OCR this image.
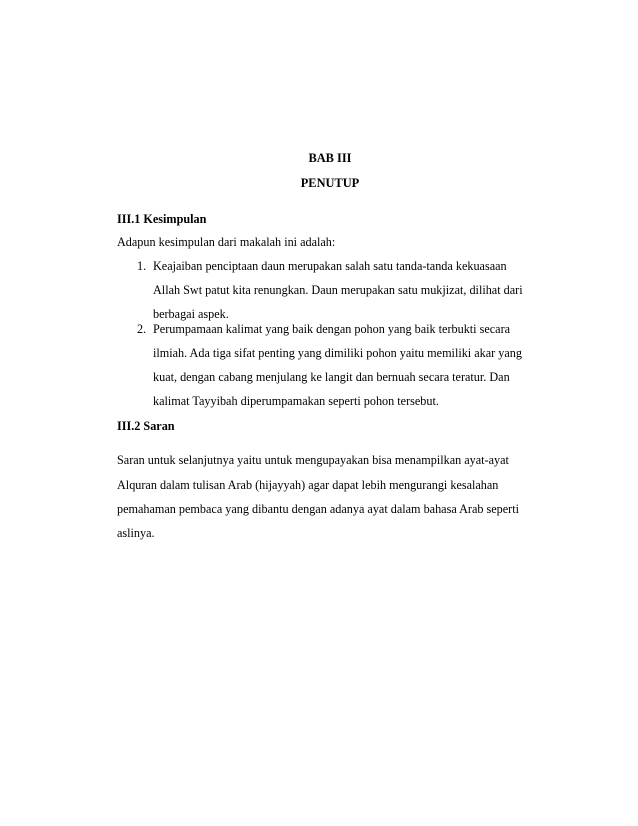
BAB III
PENUTUP
III.1 Kesimpulan
Adapun kesimpulan dari makalah ini adalah:
1. Keajaiban penciptaan daun merupakan salah satu tanda-tanda kekuasaan
Allah Swt patut kita renungkan. Daun merupakan satu mukjizat, dilihat dari
berbagai aspek.
2. Perumpamaan kalimat yang baik dengan pohon yang baik terbukti secara
ilmiah. Ada tiga sifat penting yang dimiliki pohon yaitu memiliki akar yang
kuat, dengan cabang menjulang ke langit dan bernuah secara teratur. Dan
kalimat Tayyibah diperumpamakan seperti pohon tersebut.
III.2 Saran
Saran untuk selanjutnya yaitu untuk mengupayakan bisa menampilkan ayat-ayat
Alquran dalam tulisan Arab (hijayyah) agar dapat lebih mengurangi kesalahan
pemahaman pembaca yang dibantu dengan adanya ayat dalam bahasa Arab seperti
aslinya.
